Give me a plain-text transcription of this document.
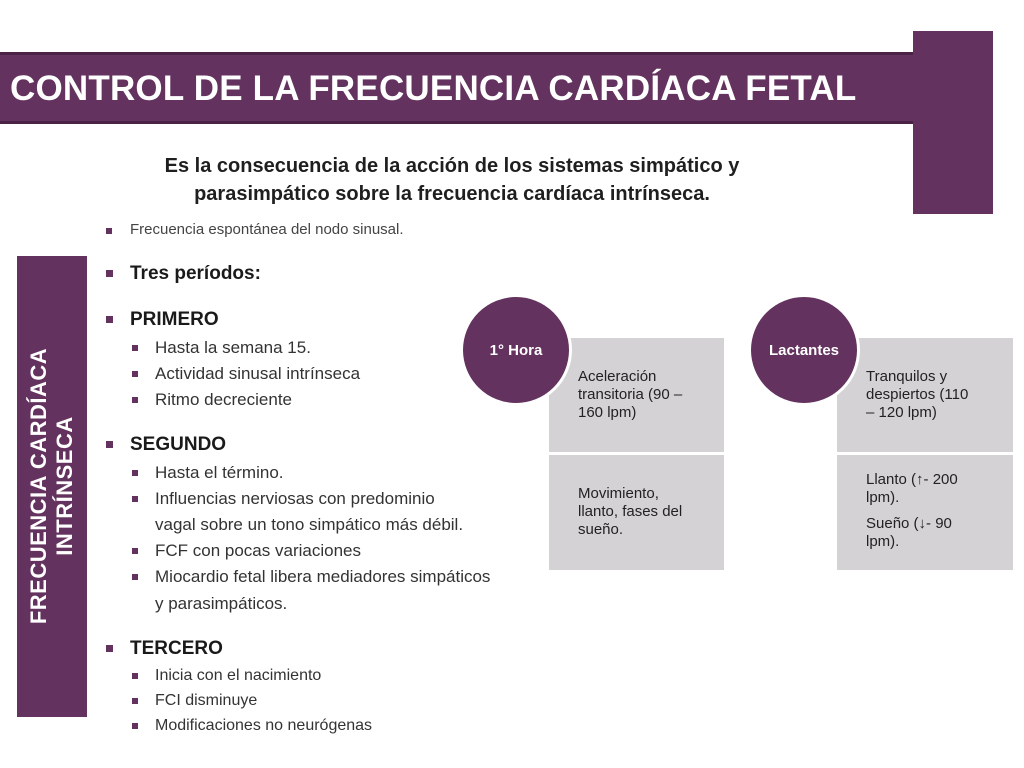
CONTROL DE LA FRECUENCIA CARDÍACA FETAL
Es la consecuencia de la acción de los sistemas simpático y
parasimpático sobre la frecuencia cardíaca intrínseca.
FRECUENCIA CARDÍACA INTRÍNSECA
Frecuencia espontánea del nodo sinusal.
Tres períodos:
PRIMERO
Hasta la semana 15.
Actividad sinusal intrínseca
Ritmo decreciente
SEGUNDO
Hasta el término.
Influencias nerviosas con predominio
vagal sobre un tono simpático más débil.
FCF con pocas variaciones
Miocardio fetal libera mediadores simpáticos
y parasimpáticos.
TERCERO
Inicia con el nacimiento
FCI disminuye
Modificaciones no neurógenas
Aceleración
transitoria (90 –
160 lpm)
Movimiento,
llanto, fases del
sueño.
1° Hora
Tranquilos y
despiertos (110
– 120 lpm)
Llanto (↑- 200
lpm).
Sueño (↓- 90
lpm).
Lactantes
